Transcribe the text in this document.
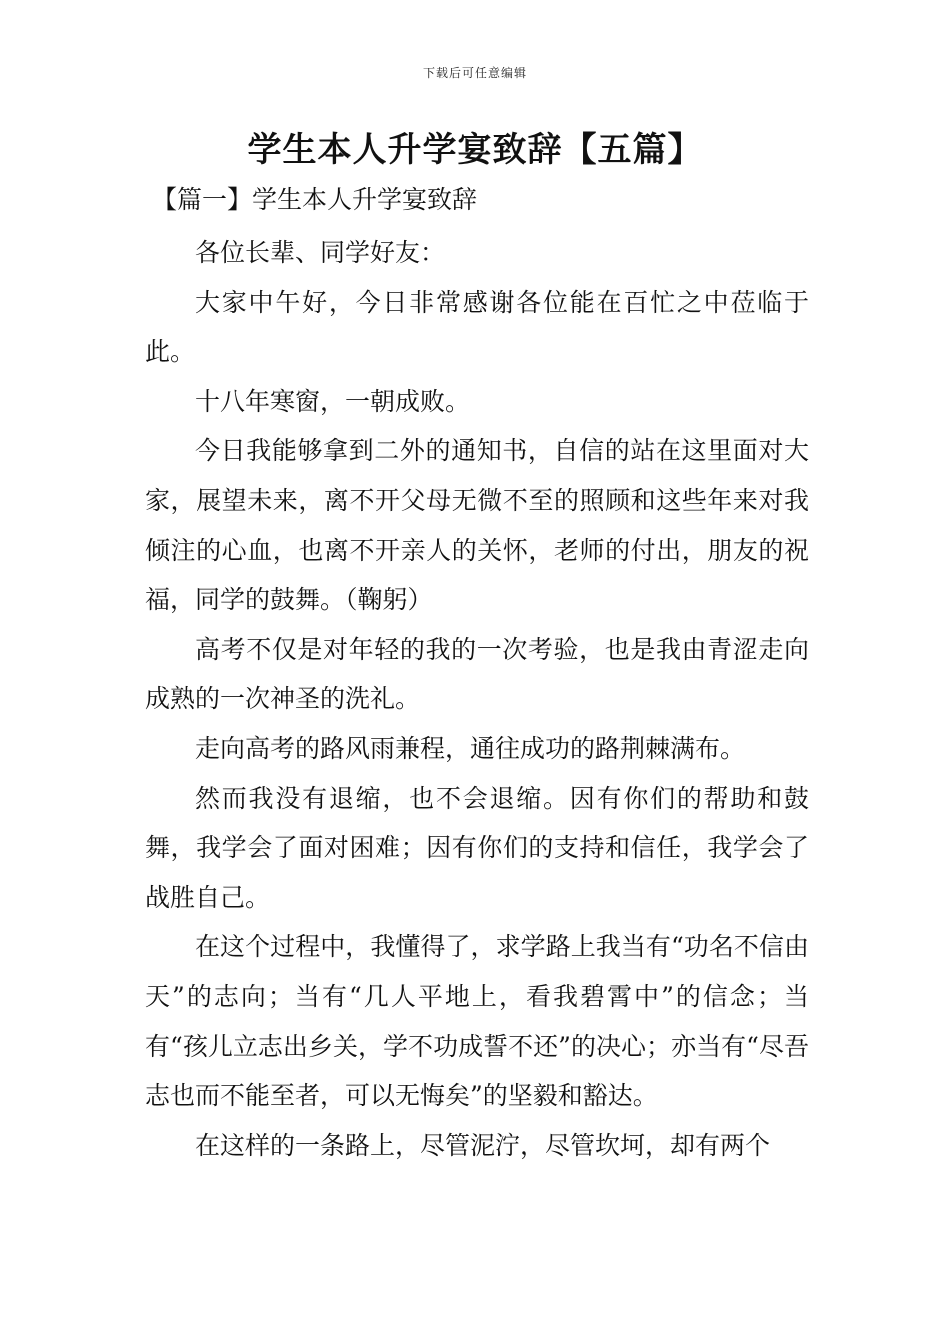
下载后可任意编辑
学生本人升学宴致辞【五篇】
【篇一】学生本人升学宴致辞

各位长辈、同学好友：

大家中午好，今日非常感谢各位能在百忙之中莅临于此。

十八年寒窗，一朝成败。

今日我能够拿到二外的通知书，自信的站在这里面对大家，展望未来，离不开父母无微不至的照顾和这些年来对我倾注的心血，也离不开亲人的关怀，老师的付出，朋友的祝福，同学的鼓舞。（鞠躬）

高考不仅是对年轻的我的一次考验，也是我由青涩走向成熟的一次神圣的洗礼。

走向高考的路风雨兼程，通往成功的路荆棘满布。

然而我没有退缩，也不会退缩。因有你们的帮助和鼓舞，我学会了面对困难；因有你们的支持和信任，我学会了战胜自己。

在这个过程中，我懂得了，求学路上我当有“功名不信由天”的志向；当有“几人平地上，看我碧霄中”的信念；当有“孩儿立志出乡关，学不功成誓不还”的决心；亦当有“尽吾志也而不能至者，可以无悔矣”的坚毅和豁达。

在这样的一条路上，尽管泥泞，尽管坎坷，却有两个
